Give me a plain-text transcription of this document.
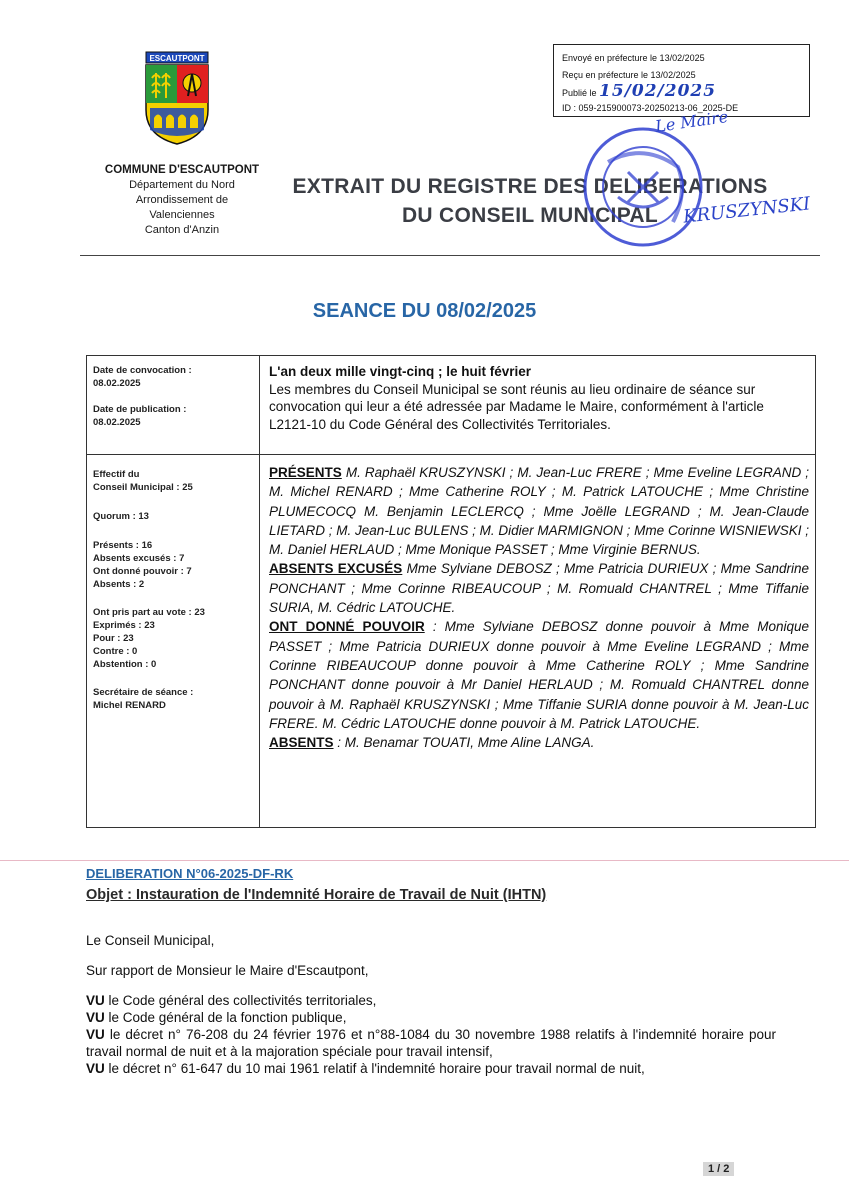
ESCAUTPONT
COMMUNE D'ESCAUTPONT
Département du Nord
Arrondissement de
Valenciennes
Canton d'Anzin
EXTRAIT DU REGISTRE DES DELIBERATIONS
DU CONSEIL MUNICIPAL
Envoyé en préfecture le 13/02/2025
Reçu en préfecture le 13/02/2025
Publié le 15/02/2025
ID : 059-215900073-20250213-06_2025-DE
Le Maire
KRUSZYNSKI
SEANCE DU 08/02/2025
Date de convocation :
08.02.2025
Date de publication :
08.02.2025
Effectif du
Conseil Municipal : 25
Quorum : 13
Présents : 16
Absents excusés : 7
Ont donné pouvoir : 7
Absents : 2
Ont pris part au vote : 23
Exprimés : 23
Pour : 23
Contre : 0
Abstention : 0
Secrétaire de séance :
Michel RENARD
L'an deux mille vingt-cinq ; le huit février
Les membres du Conseil Municipal se sont réunis au lieu ordinaire de séance sur convocation qui leur a été adressée par Madame le Maire, conformément à l'article L2121-10 du Code Général des Collectivités Territoriales.

PRÉSENTS M. Raphaël KRUSZYNSKI ; M. Jean-Luc FRERE ; Mme Eveline LEGRAND ; M. Michel RENARD ; Mme Catherine ROLY ; M. Patrick LATOUCHE ; Mme Christine PLUMECOCQ M. Benjamin LECLERCQ ; Mme Joëlle LEGRAND ; M. Jean-Claude LIETARD ; M. Jean-Luc BULENS ; M. Didier MARMIGNON ; Mme Corinne WISNIEWSKI ; M. Daniel HERLAUD ; Mme Monique PASSET ; Mme Virginie BERNUS.

ABSENTS EXCUSÉS Mme Sylviane DEBOSZ ; Mme Patricia DURIEUX ; Mme Sandrine PONCHANT ; Mme Corinne RIBEAUCOUP ; M. Romuald CHANTREL ; Mme Tiffanie SURIA, M. Cédric LATOUCHE.

ONT DONNÉ POUVOIR : Mme Sylviane DEBOSZ donne pouvoir à Mme Monique PASSET ; Mme Patricia DURIEUX donne pouvoir à Mme Eveline LEGRAND ; Mme Corinne RIBEAUCOUP donne pouvoir à Mme Catherine ROLY ; Mme Sandrine PONCHANT donne pouvoir à Mr Daniel HERLAUD ; M. Romuald CHANTREL donne pouvoir à M. Raphaël KRUSZYNSKI ; Mme Tiffanie SURIA donne pouvoir à M. Jean-Luc FRERE. M. Cédric LATOUCHE donne pouvoir à M. Patrick LATOUCHE.

ABSENTS : M. Benamar TOUATI, Mme Aline LANGA.

DELIBERATION N°06-2025-DF-RK
Objet : Instauration de l'Indemnité Horaire de Travail de Nuit (IHTN)
Le Conseil Municipal,
Sur rapport de Monsieur le Maire d'Escautpont,
VU le Code général des collectivités territoriales,
VU le Code général de la fonction publique,
VU le décret n° 76-208 du 24 février 1976 et n°88-1084 du 30 novembre 1988 relatifs à l'indemnité horaire pour travail normal de nuit et à la majoration spéciale pour travail intensif,
VU le décret n° 61-647 du 10 mai 1961 relatif à l'indemnité horaire pour travail normal de nuit,
1 / 2
